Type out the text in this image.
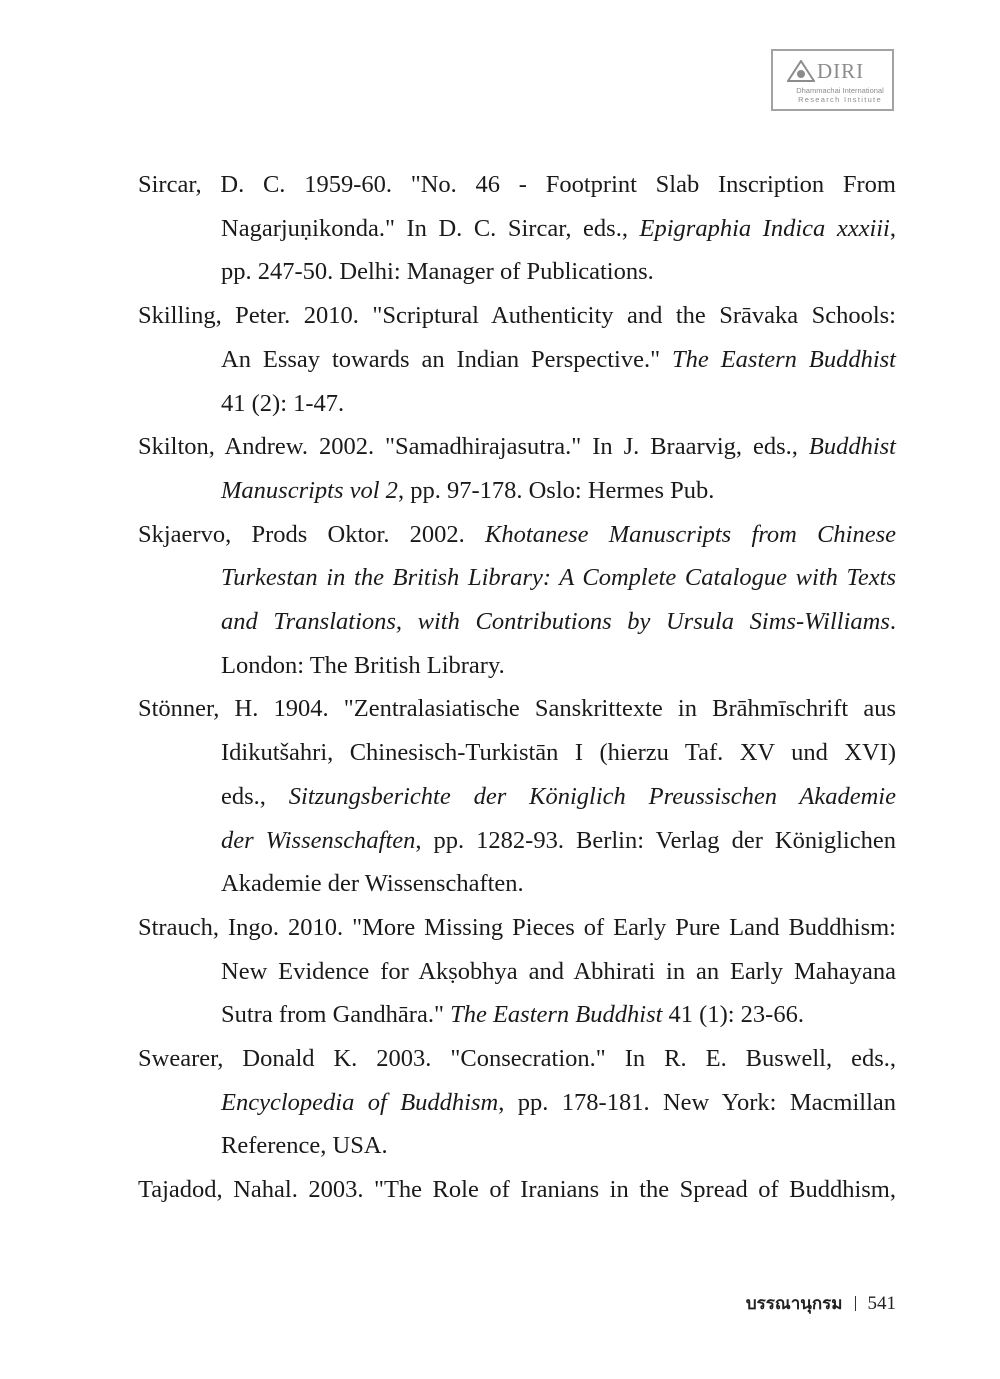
DIRI
Dhammachai International
Research Institute
Sircar, D. C. 1959-60. "No. 46 - Footprint Slab Inscription From
Nagarjuṇikonda." In D. C. Sircar, eds., Epigraphia Indica xxxiii,
pp. 247-50. Delhi: Manager of Publications.
Skilling, Peter. 2010. "Scriptural Authenticity and the Srāvaka Schools:
An Essay towards an Indian Perspective." The Eastern Buddhist
41 (2): 1-47.
Skilton, Andrew. 2002. "Samadhirajasutra." In J. Braarvig, eds., Buddhist
Manuscripts vol 2, pp. 97-178. Oslo: Hermes Pub.
Skjaervo, Prods Oktor. 2002. Khotanese Manuscripts from Chinese
Turkestan in the British Library: A Complete Catalogue with Texts
and Translations, with Contributions by Ursula Sims-Williams.
London: The British Library.
Stönner, H. 1904. "Zentralasiatische Sanskrittexte in Brāhmīschrift aus
Idikutšahri, Chinesisch-Turkistān I (hierzu Taf. XV und XVI)
eds., Sitzungsberichte der Königlich Preussischen Akademie
der Wissenschaften, pp. 1282-93. Berlin: Verlag der Königlichen
Akademie der Wissenschaften.
Strauch, Ingo. 2010. "More Missing Pieces of Early Pure Land Buddhism:
New Evidence for Akṣobhya and Abhirati in an Early Mahayana
Sutra from Gandhāra." The Eastern Buddhist 41 (1): 23-66.
Swearer, Donald K. 2003. "Consecration." In R. E. Buswell, eds.,
Encyclopedia of Buddhism, pp. 178-181. New York: Macmillan
Reference, USA.
Tajadod, Nahal. 2003. "The Role of Iranians in the Spread of Buddhism,
บรรณานุกรม 541
